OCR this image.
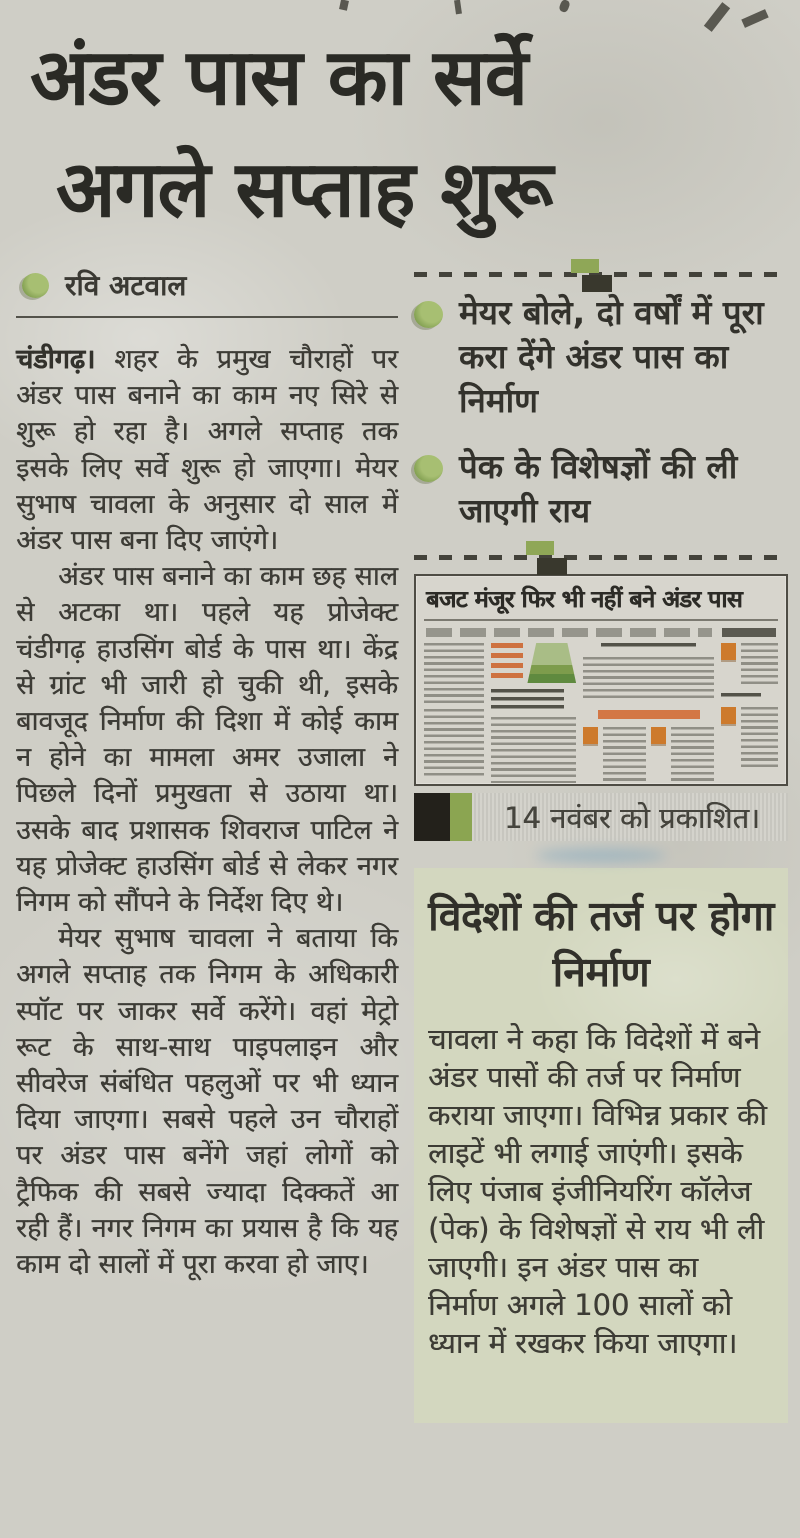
अंडर पास का सर्वे
अगले सप्ताह शुरू
रवि अटवाल

चंडीगढ़। शहर के प्रमुख चौराहों पर अंडर पास बनाने का काम नए सिरे से शुरू हो रहा है। अगले सप्ताह तक इसके लिए सर्वे शुरू हो जाएगा। मेयर सुभाष चावला के अनुसार दो साल में अंडर पास बना दिए जाएंगे।

अंडर पास बनाने का काम छह साल से अटका था। पहले यह प्रोजेक्ट चंडीगढ़ हाउसिंग बोर्ड के पास था। केंद्र से ग्रांट भी जारी हो चुकी थी, इसके बावजूद निर्माण की दिशा में कोई काम न होने का मामला अमर उजाला ने पिछले दिनों प्रमुखता से उठाया था। उसके बाद प्रशासक शिवराज पाटिल ने यह प्रोजेक्ट हाउसिंग बोर्ड से लेकर नगर निगम को सौंपने के निर्देश दिए थे।

मेयर सुभाष चावला ने बताया कि अगले सप्ताह तक निगम के अधिकारी स्पॉट पर जाकर सर्वे करेंगे। वहां मेट्रो रूट के साथ-साथ पाइपलाइन और सीवरेज संबंधित पहलुओं पर भी ध्यान दिया जाएगा। सबसे पहले उन चौराहों पर अंडर पास बनेंगे जहां लोगों को ट्रैफिक की सबसे ज्यादा दिक्कतें आ रही हैं। नगर निगम का प्रयास है कि यह काम दो सालों में पूरा करवा हो जाए।

मेयर बोले, दो वर्षों में पूरा करा देंगे अंडर पास का निर्माण
पेक के विशेषज्ञों की ली जाएगी राय
बजट मंजूर फिर भी नहीं बने अंडर पास
14 नवंबर को प्रकाशित।
विदेशों की तर्ज पर होगा निर्माण

चावला ने कहा कि विदेशों में बने अंडर पासों की तर्ज पर निर्माण कराया जाएगा। विभिन्न प्रकार की लाइटें भी लगाई जाएंगी। इसके लिए पंजाब इंजीनियरिंग कॉलेज (पेक) के विशेषज्ञों से राय भी ली जाएगी। इन अंडर पास का निर्माण अगले 100 सालों को ध्यान में रखकर किया जाएगा।
